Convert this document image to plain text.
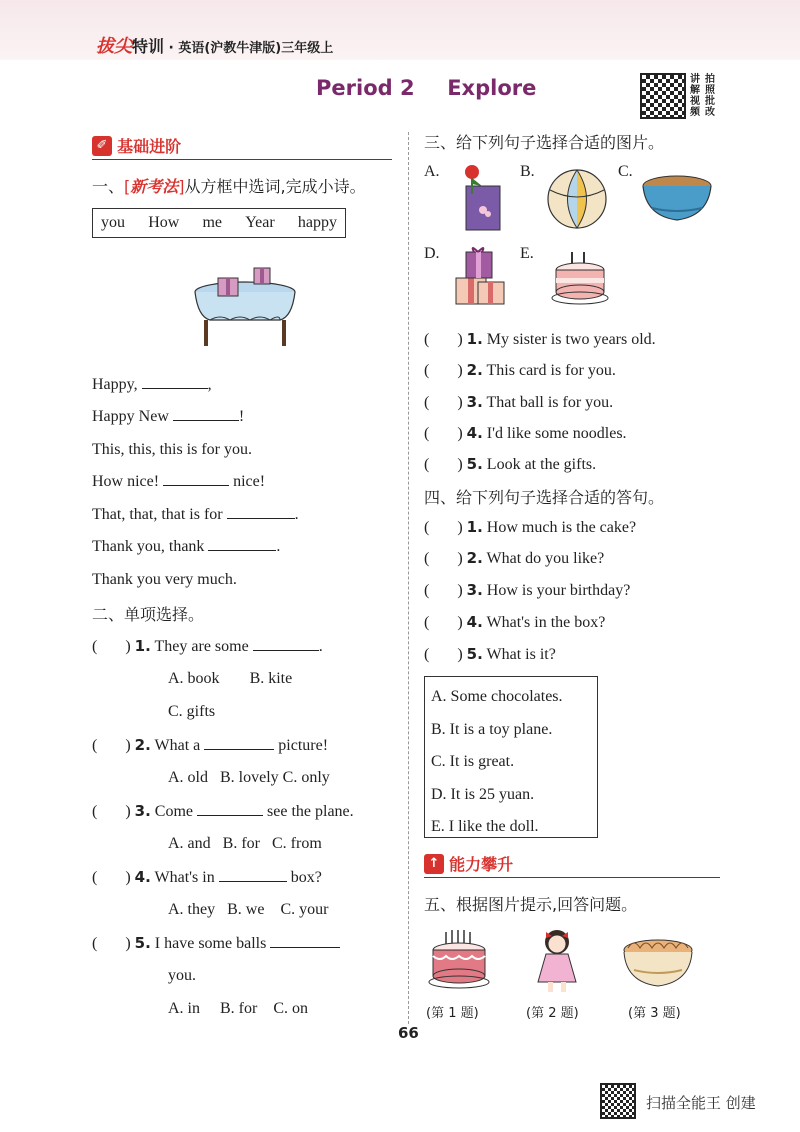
拔尖特训 · 英语(沪教牛津版)三年级上
Period 2 Explore	讲 拍
解 照
视 批
频 改
✐ 基础进阶
一、[新考法]从方框中选词,完成小诗。
you How me Year happy
Happy,	,
Happy New	!
This, this, this is for you.
How nice!	nice!
That, that, that is for	.
Thank you, thank	.
Thank you very much.
二、单项选择。
(       ) 1. They are some	.
A. book B. kite
C. gifts
(       ) 2. What a	picture!
A. old B. lovely C. only
(       ) 3. Come	see the plane.
A. and B. for C. from
(       ) 4. What's in	box?
A. they B. we C. your
(       ) 5. I have some balls
you.
A. in B. for C. on
三、给下列句子选择合适的图片。
A.	B.	C.
D.	E.
(       ) 1. My sister is two years old.
(       ) 2. This card is for you.
(       ) 3. That ball is for you.
(       ) 4. I'd like some noodles.
(       ) 5. Look at the gifts.
四、给下列句子选择合适的答句。
(       ) 1. How much is the cake?
(       ) 2. What do you like?
(       ) 3. How is your birthday?
(       ) 4. What's in the box?
(       ) 5. What is it?
A. Some chocolates.
B. It is a toy plane.
C. It is great.
D. It is 25 yuan.
E. I like the doll.
↑ 能力攀升
五、根据图片提示,回答问题。
(第 1 题)	(第 2 题)	(第 3 题)
66
扫描全能王 创建
